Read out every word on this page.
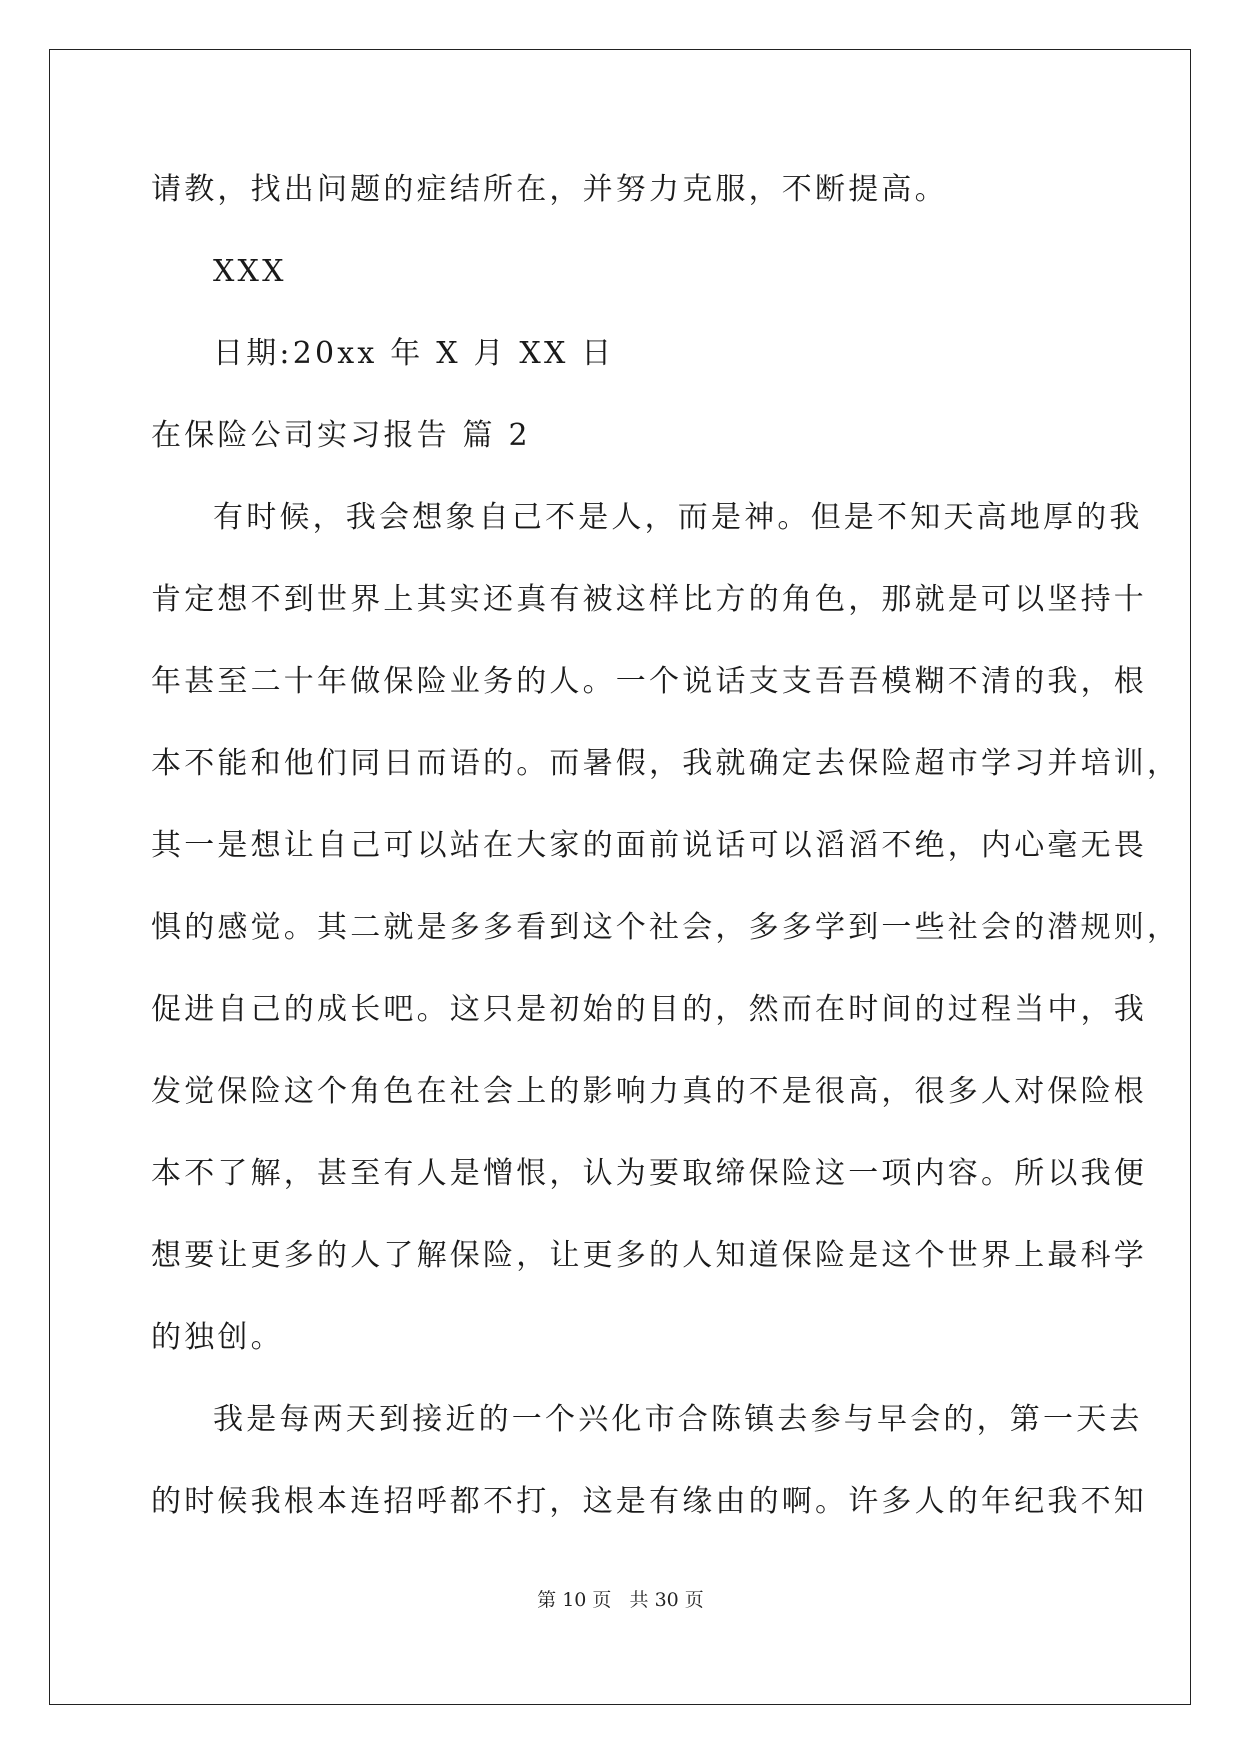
请教，找出问题的症结所在，并努力克服，不断提高。
XXX
日期:20xx 年 X 月 XX 日
在保险公司实习报告 篇 2
有时候，我会想象自己不是人，而是神。但是不知天高地厚的我
肯定想不到世界上其实还真有被这样比方的角色，那就是可以坚持十
年甚至二十年做保险业务的人。一个说话支支吾吾模糊不清的我，根
本不能和他们同日而语的。而暑假，我就确定去保险超市学习并培训，
其一是想让自己可以站在大家的面前说话可以滔滔不绝，内心毫无畏
惧的感觉。其二就是多多看到这个社会，多多学到一些社会的潜规则，
促进自己的成长吧。这只是初始的目的，然而在时间的过程当中，我
发觉保险这个角色在社会上的影响力真的不是很高，很多人对保险根
本不了解，甚至有人是憎恨，认为要取缔保险这一项内容。所以我便
想要让更多的人了解保险，让更多的人知道保险是这个世界上最科学
的独创。
我是每两天到接近的一个兴化市合陈镇去参与早会的，第一天去
的时候我根本连招呼都不打，这是有缘由的啊。许多人的年纪我不知
第 10 页   共 30 页
